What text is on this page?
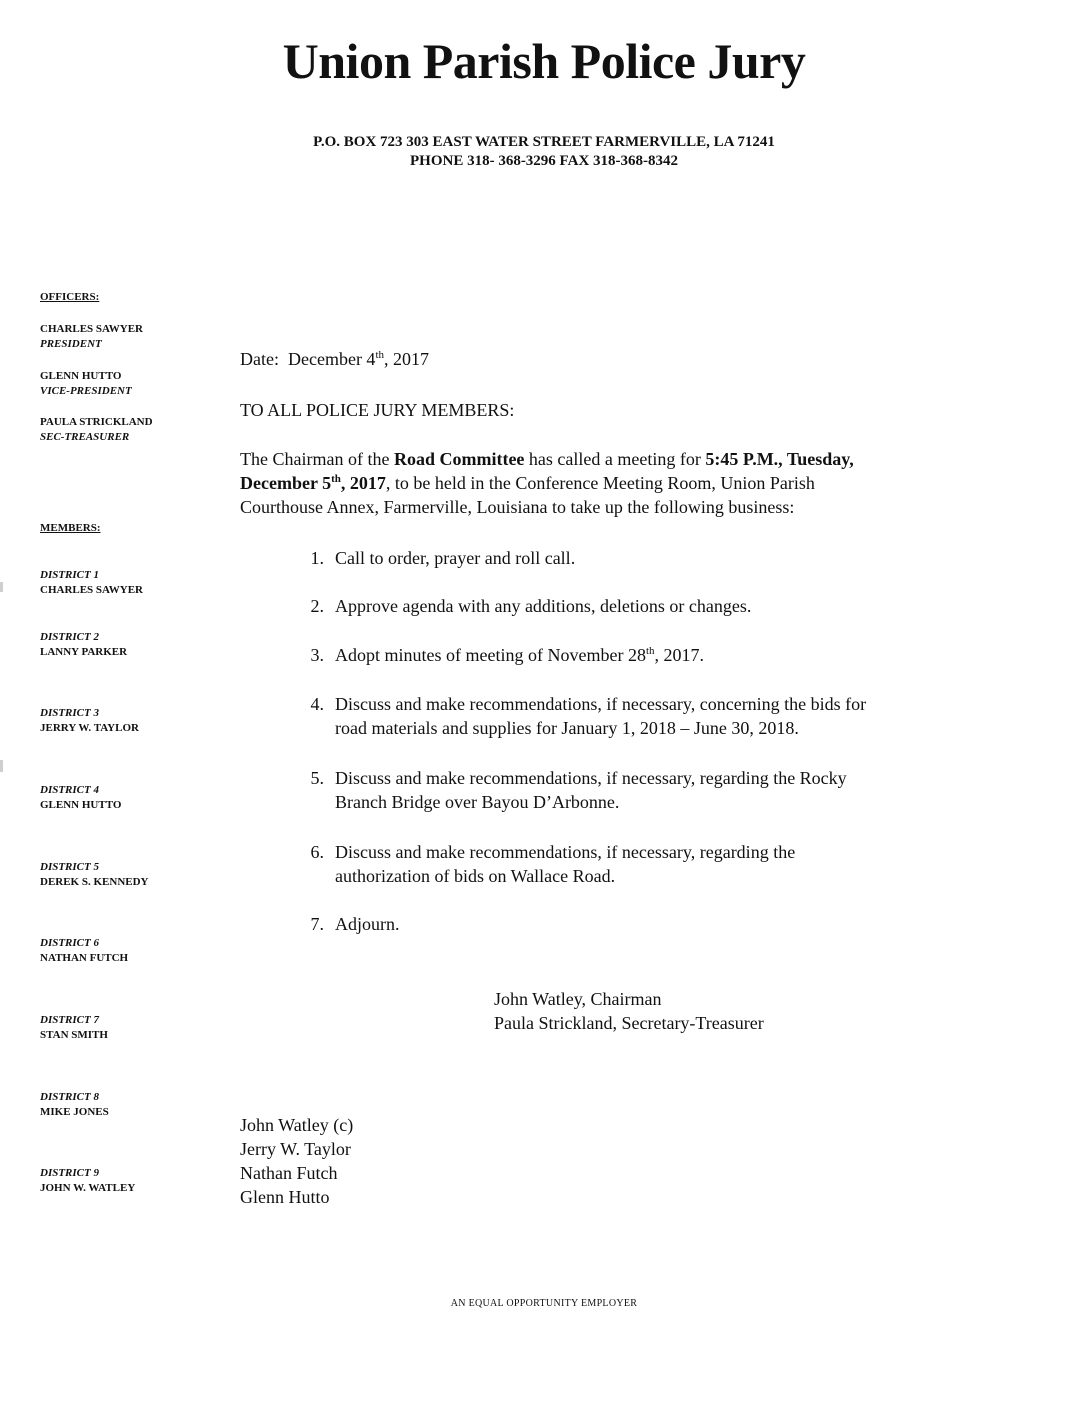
Union Parish Police Jury
P.O. BOX 723 303 EAST WATER STREET FARMERVILLE, LA 71241
PHONE 318- 368-3296 FAX 318-368-8342
OFFICERS:
CHARLES SAWYER
PRESIDENT
GLENN HUTTO
VICE-PRESIDENT
PAULA STRICKLAND
SEC-TREASURER
MEMBERS:
DISTRICT 1
CHARLES SAWYER
DISTRICT 2
LANNY PARKER
DISTRICT 3
JERRY W. TAYLOR
DISTRICT 4
GLENN HUTTO
DISTRICT 5
DEREK S. KENNEDY
DISTRICT 6
NATHAN FUTCH
DISTRICT 7
STAN SMITH
DISTRICT 8
MIKE JONES
DISTRICT 9
JOHN W. WATLEY
Date: December 4th, 2017
TO ALL POLICE JURY MEMBERS:
The Chairman of the Road Committee has called a meeting for 5:45 P.M., Tuesday,
December 5th, 2017, to be held in the Conference Meeting Room, Union Parish
Courthouse Annex, Farmerville, Louisiana to take up the following business:
1. Call to order, prayer and roll call.
2. Approve agenda with any additions, deletions or changes.
3. Adopt minutes of meeting of November 28th, 2017.
4. Discuss and make recommendations, if necessary, concerning the bids for
road materials and supplies for January 1, 2018 – June 30, 2018.
5. Discuss and make recommendations, if necessary, regarding the Rocky
Branch Bridge over Bayou D’Arbonne.
6. Discuss and make recommendations, if necessary, regarding the
authorization of bids on Wallace Road.
7. Adjourn.
John Watley, Chairman
Paula Strickland, Secretary-Treasurer
John Watley (c)
Jerry W. Taylor
Nathan Futch
Glenn Hutto
AN EQUAL OPPORTUNITY EMPLOYER
